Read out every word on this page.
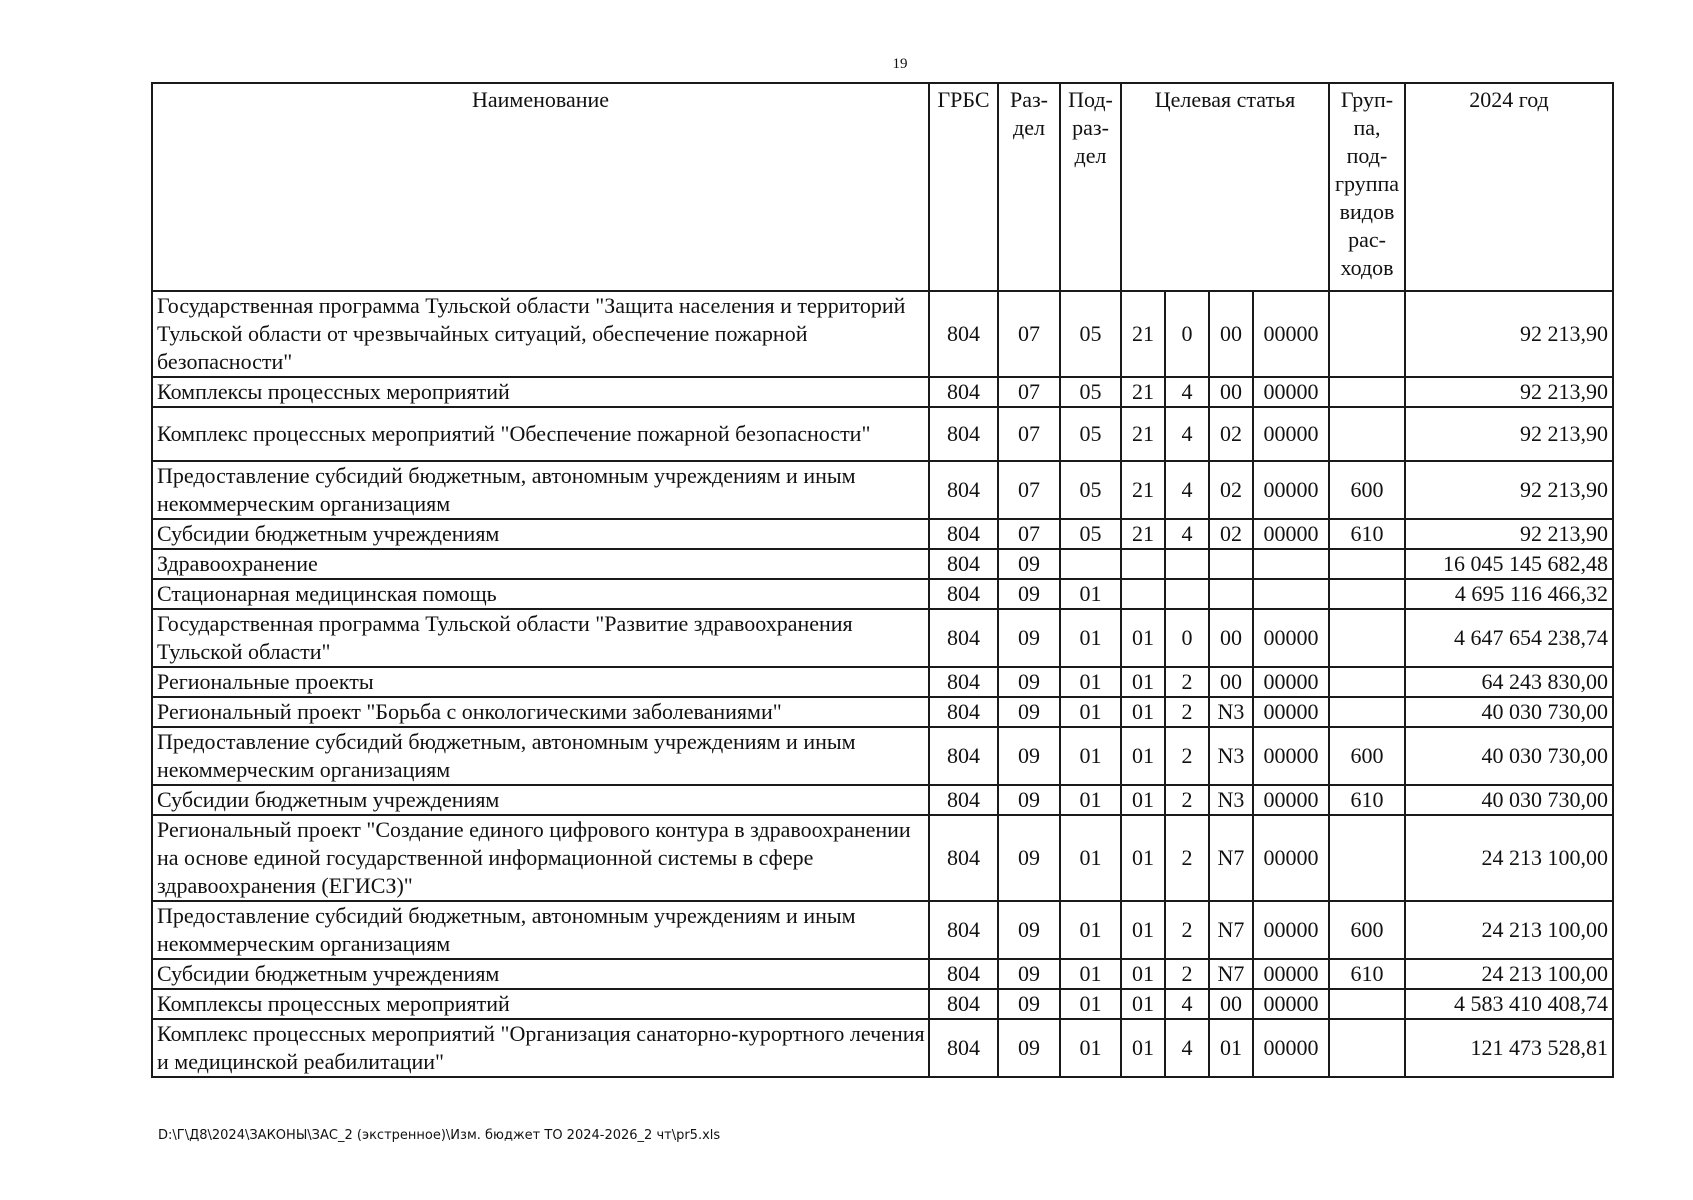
19
Наименование	ГРБС	Раз-дел	Под-раз-дел	Целевая статья				Груп-па, под-группа видов рас-ходов	2024 год
Государственная программа Тульской области "Защита населения и территорий Тульской области от чрезвычайных ситуаций, обеспечение пожарной безопасности"	804	07	05	21	0	00	00000		92 213,90
Комплексы процессных мероприятий	804	07	05	21	4	00	00000		92 213,90
Комплекс процессных мероприятий "Обеспечение пожарной безопасности"	804	07	05	21	4	02	00000		92 213,90
Предоставление субсидий бюджетным, автономным учреждениям и иным некоммерческим организациям	804	07	05	21	4	02	00000	600	92 213,90
Субсидии бюджетным учреждениям	804	07	05	21	4	02	00000	610	92 213,90
Здравоохранение	804	09							16 045 145 682,48
Стационарная медицинская помощь	804	09	01						4 695 116 466,32
Государственная программа Тульской области "Развитие здравоохранения Тульской области"	804	09	01	01	0	00	00000		4 647 654 238,74
Региональные проекты	804	09	01	01	2	00	00000		64 243 830,00
Региональный проект "Борьба с онкологическими заболеваниями"	804	09	01	01	2	N3	00000		40 030 730,00
Предоставление субсидий бюджетным, автономным учреждениям и иным некоммерческим организациям	804	09	01	01	2	N3	00000	600	40 030 730,00
Субсидии бюджетным учреждениям	804	09	01	01	2	N3	00000	610	40 030 730,00
Региональный проект "Создание единого цифрового контура в здравоохранении на основе единой государственной информационной системы в сфере здравоохранения (ЕГИСЗ)"	804	09	01	01	2	N7	00000		24 213 100,00
Предоставление субсидий бюджетным, автономным учреждениям и иным некоммерческим организациям	804	09	01	01	2	N7	00000	600	24 213 100,00
Субсидии бюджетным учреждениям	804	09	01	01	2	N7	00000	610	24 213 100,00
Комплексы процессных мероприятий	804	09	01	01	4	00	00000		4 583 410 408,74
Комплекс процессных мероприятий "Организация санаторно-курортного лечения и медицинской реабилитации"	804	09	01	01	4	01	00000		121 473 528,81
D:\Г\Д8\2024\ЗАКОНЫ\ЗАС_2 (экстренное)\Изм. бюджет ТО 2024-2026_2 чт\pr5.xls
